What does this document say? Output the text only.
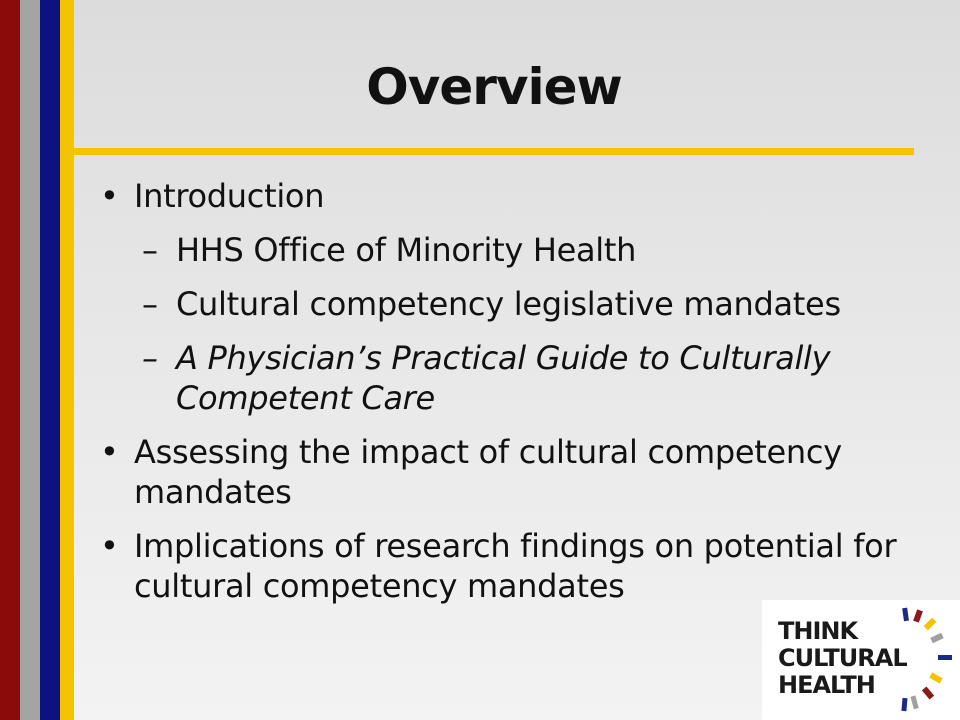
Overview
• Introduction
– HHS Office of Minority Health
– Cultural competency legislative mandates
– A Physician’s Practical Guide to Culturally Competent Care
• Assessing the impact of cultural competency mandates
• Implications of research findings on potential for cultural competency mandates
THINK
CULTURAL
HEALTH
